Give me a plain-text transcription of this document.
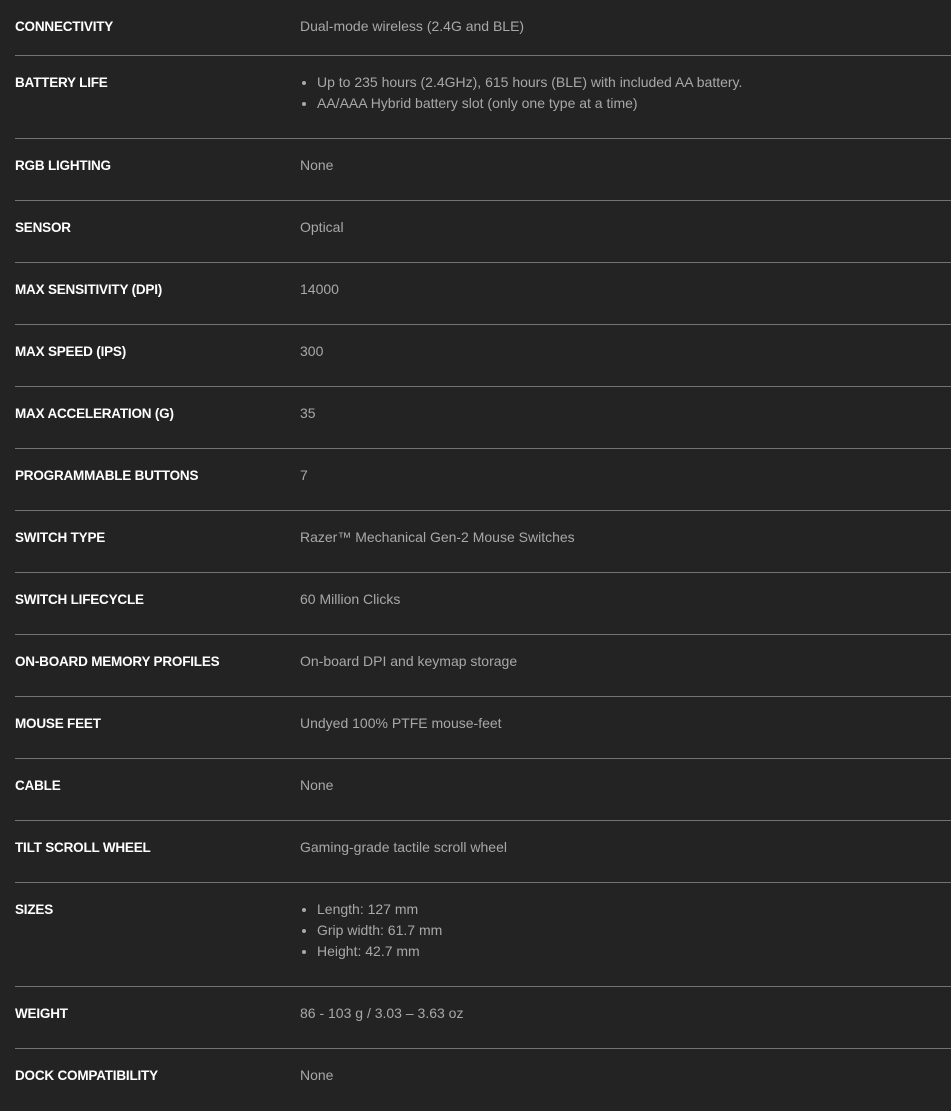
CONNECTIVITY	Dual-mode wireless (2.4G and BLE)
BATTERY LIFE	• Up to 235 hours (2.4GHz), 615 hours (BLE) with included AA battery.
• AA/AAA Hybrid battery slot (only one type at a time)
RGB LIGHTING	None
SENSOR	Optical
MAX SENSITIVITY (DPI)	14000
MAX SPEED (IPS)	300
MAX ACCELERATION (G)	35
PROGRAMMABLE BUTTONS	7
SWITCH TYPE	Razer™ Mechanical Gen-2 Mouse Switches
SWITCH LIFECYCLE	60 Million Clicks
ON-BOARD MEMORY PROFILES	On-board DPI and keymap storage
MOUSE FEET	Undyed 100% PTFE mouse-feet
CABLE	None
TILT SCROLL WHEEL	Gaming-grade tactile scroll wheel
SIZES	• Length: 127 mm
• Grip width: 61.7 mm
• Height: 42.7 mm
WEIGHT	86 - 103 g / 3.03 – 3.63 oz
DOCK COMPATIBILITY	None
